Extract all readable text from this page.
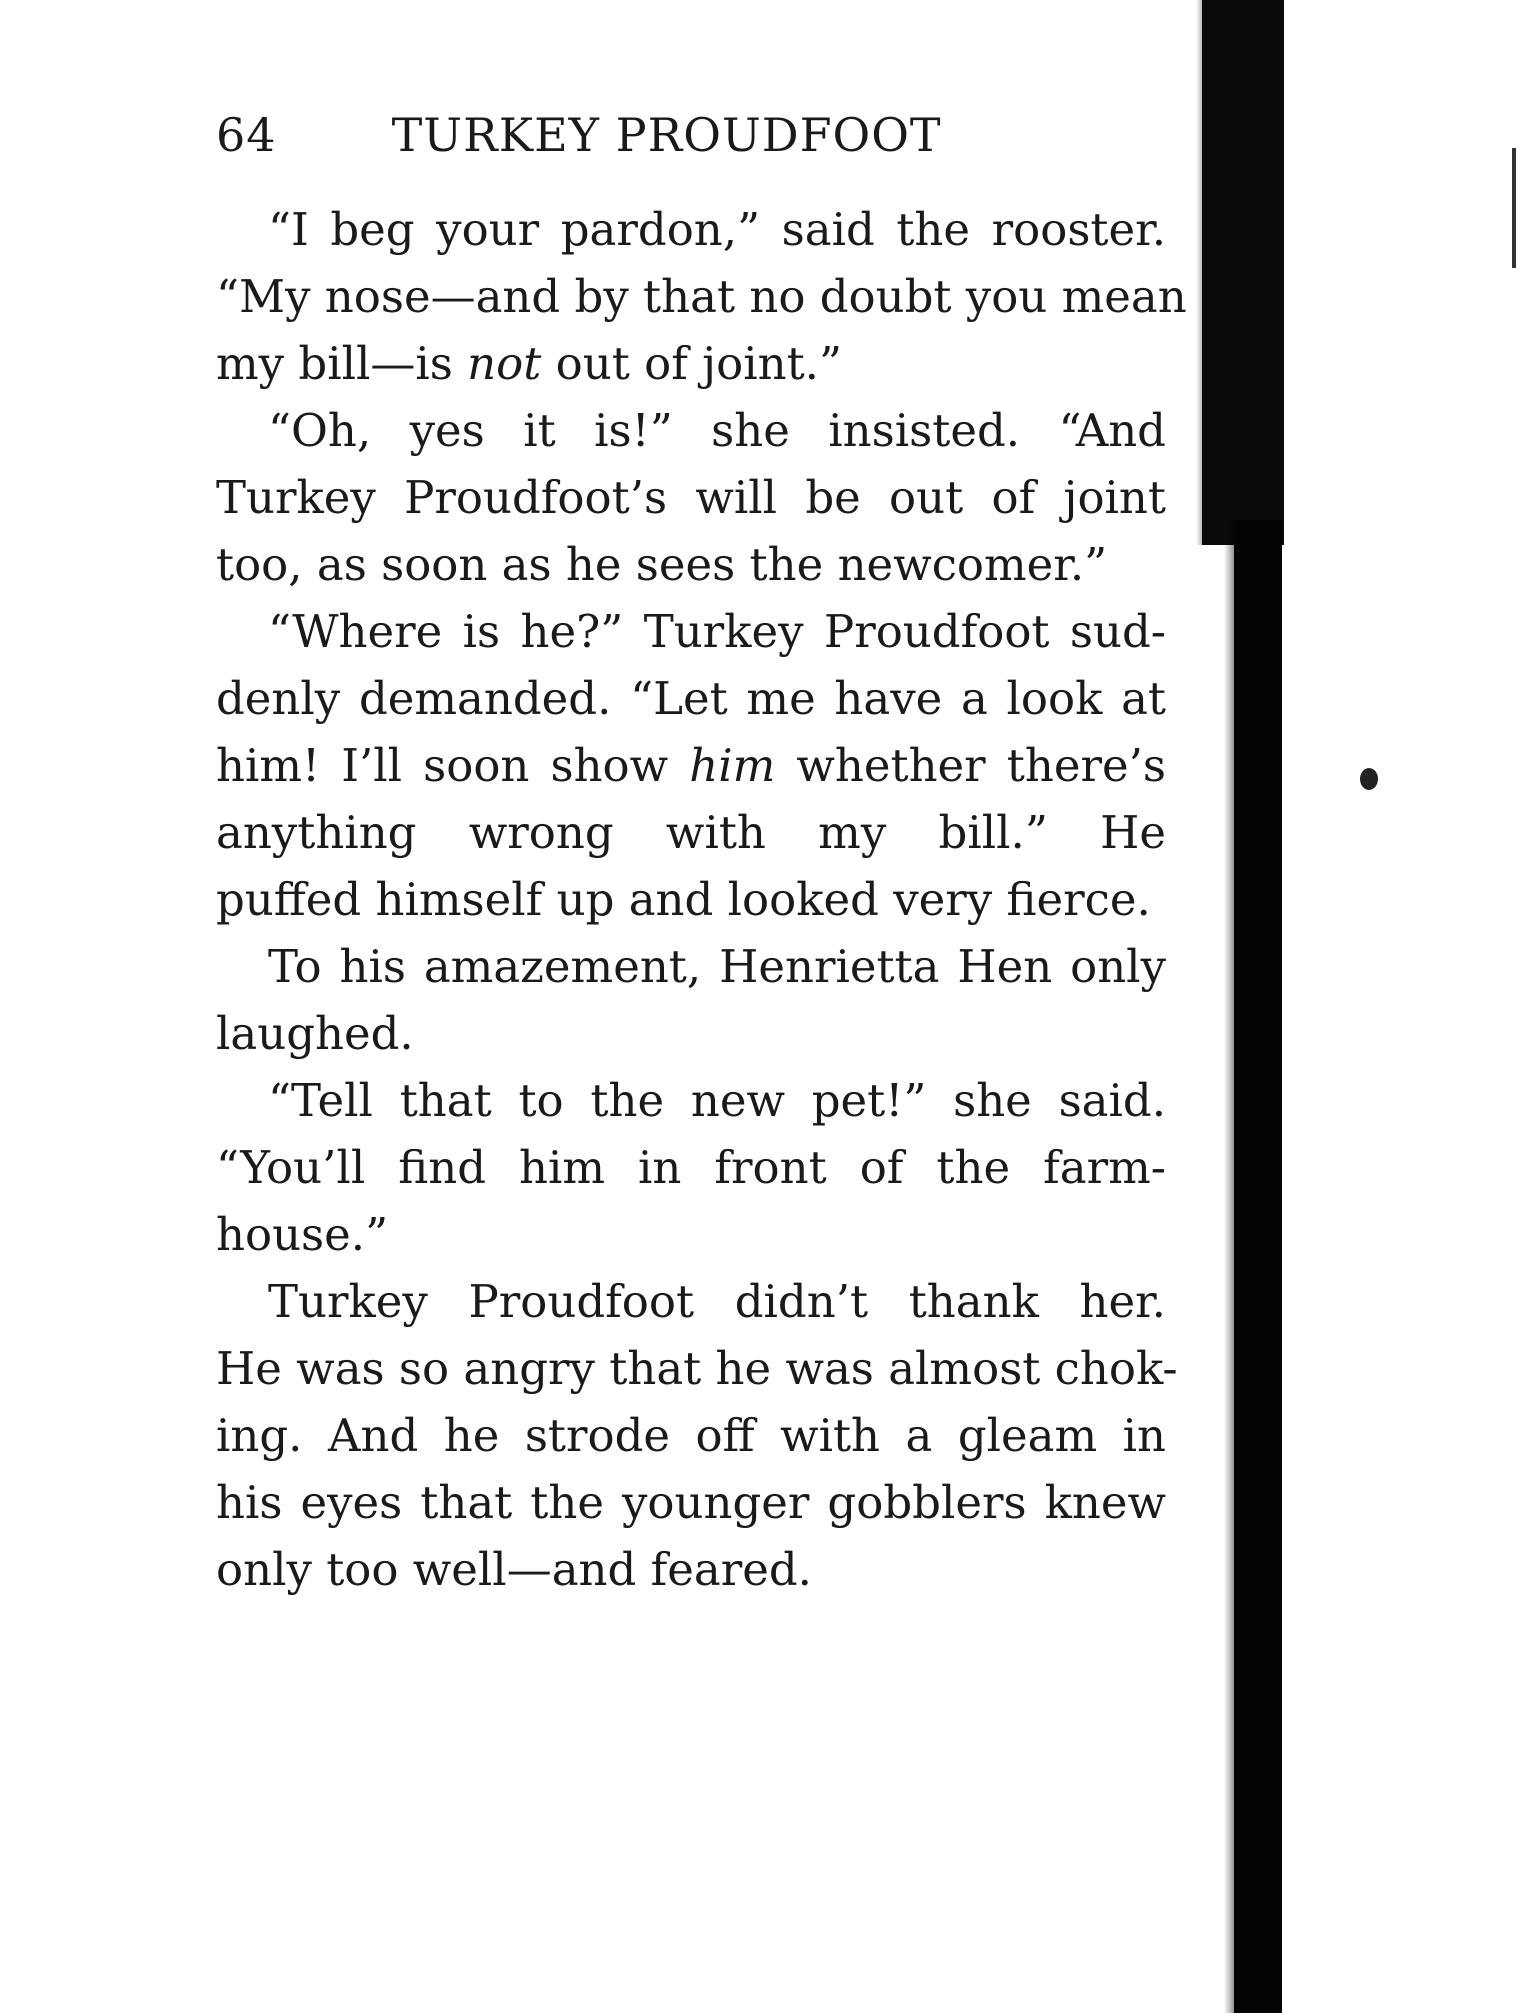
64	TURKEY PROUDFOOT
“I beg your pardon,” said the rooster.
“My nose—and by that no doubt you mean
my bill—is not out of joint.”
“Oh, yes it is!” she insisted. “And
Turkey Proudfoot’s will be out of joint
too, as soon as he sees the newcomer.”
“Where is he?” Turkey Proudfoot sud-
denly demanded. “Let me have a look at
him! I’ll soon show him whether there’s
anything wrong with my bill.” He
puffed himself up and looked very fierce.
To his amazement, Henrietta Hen only
laughed.
“Tell that to the new pet!” she said.
“You’ll find him in front of the farm-
house.”
Turkey Proudfoot didn’t thank her.
He was so angry that he was almost chok-
ing. And he strode off with a gleam in
his eyes that the younger gobblers knew
only too well—and feared.
